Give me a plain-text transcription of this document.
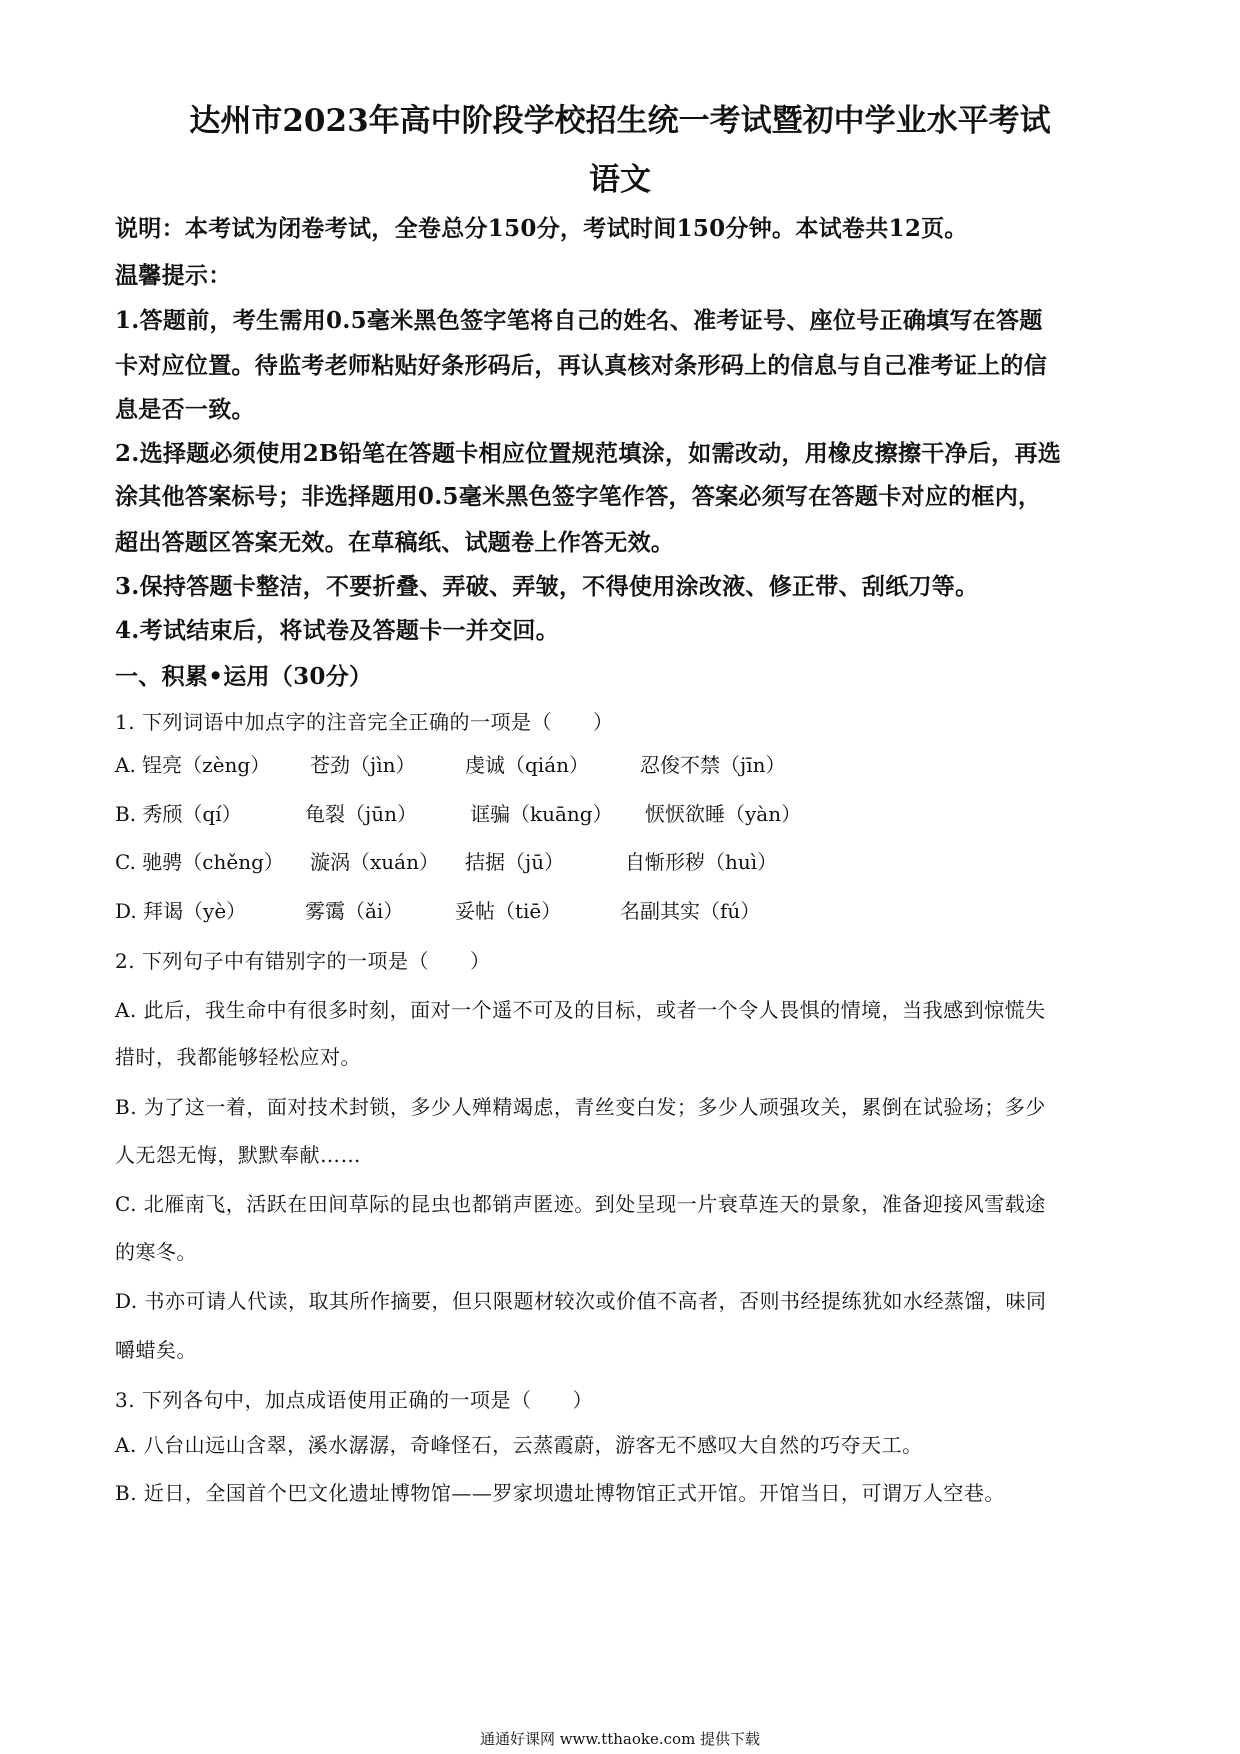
达州市2023年高中阶段学校招生统一考试暨初中学业水平考试
语文
说明：本考试为闭卷考试，全卷总分150分，考试时间150分钟。本试卷共12页。
温馨提示：
1.答题前，考生需用0.5毫米黑色签字笔将自己的姓名、准考证号、座位号正确填写在答题
卡对应位置。待监考老师粘贴好条形码后，再认真核对条形码上的信息与自己准考证上的信
息是否一致。
2.选择题必须使用2B铅笔在答题卡相应位置规范填涂，如需改动，用橡皮擦擦干净后，再选
涂其他答案标号；非选择题用0.5毫米黑色签字笔作答，答案必须写在答题卡对应的框内，
超出答题区答案无效。在草稿纸、试题卷上作答无效。
3.保持答题卡整洁，不要折叠、弄破、弄皱，不得使用涂改液、修正带、刮纸刀等。
4.考试结束后，将试卷及答题卡一并交回。
一、积累•运用（30分）
1. 下列词语中加点字的注音完全正确的一项是（　　）
A. 锃亮（zèng） 苍劲（jìn） 虔诚（qián）	忍俊不禁（jīn）
B. 秀颀（qí）	龟裂（jūn）	诓骗（kuāng） 恹恹欲睡（yàn）
C. 驰骋（chěng） 漩涡（xuán） 拮据（jū）	自惭形秽（huì）
D. 拜谒（yè）	雾霭（ǎi）	妥帖（tiē）	名副其实（fú）
2. 下列句子中有错别字的一项是（　　）
A. 此后，我生命中有很多时刻，面对一个遥不可及的目标，或者一个令人畏惧的情境，当我感到惊慌失
措时，我都能够轻松应对。
B. 为了这一着，面对技术封锁，多少人殚精竭虑，青丝变白发；多少人顽强攻关，累倒在试验场；多少
人无怨无悔，默默奉献……
C. 北雁南飞，活跃在田间草际的昆虫也都销声匿迹。到处呈现一片衰草连天的景象，准备迎接风雪载途
的寒冬。
D. 书亦可请人代读，取其所作摘要，但只限题材较次或价值不高者，否则书经提练犹如水经蒸馏，味同
嚼蜡矣。
3. 下列各句中，加点成语使用正确的一项是（　　）
A. 八台山远山含翠，溪水潺潺，奇峰怪石，云蒸霞蔚，游客无不感叹大自然的巧夺天工。
B. 近日，全国首个巴文化遗址博物馆——罗家坝遗址博物馆正式开馆。开馆当日，可谓万人空巷。
通通好课网 www.tthaoke.com 提供下载
